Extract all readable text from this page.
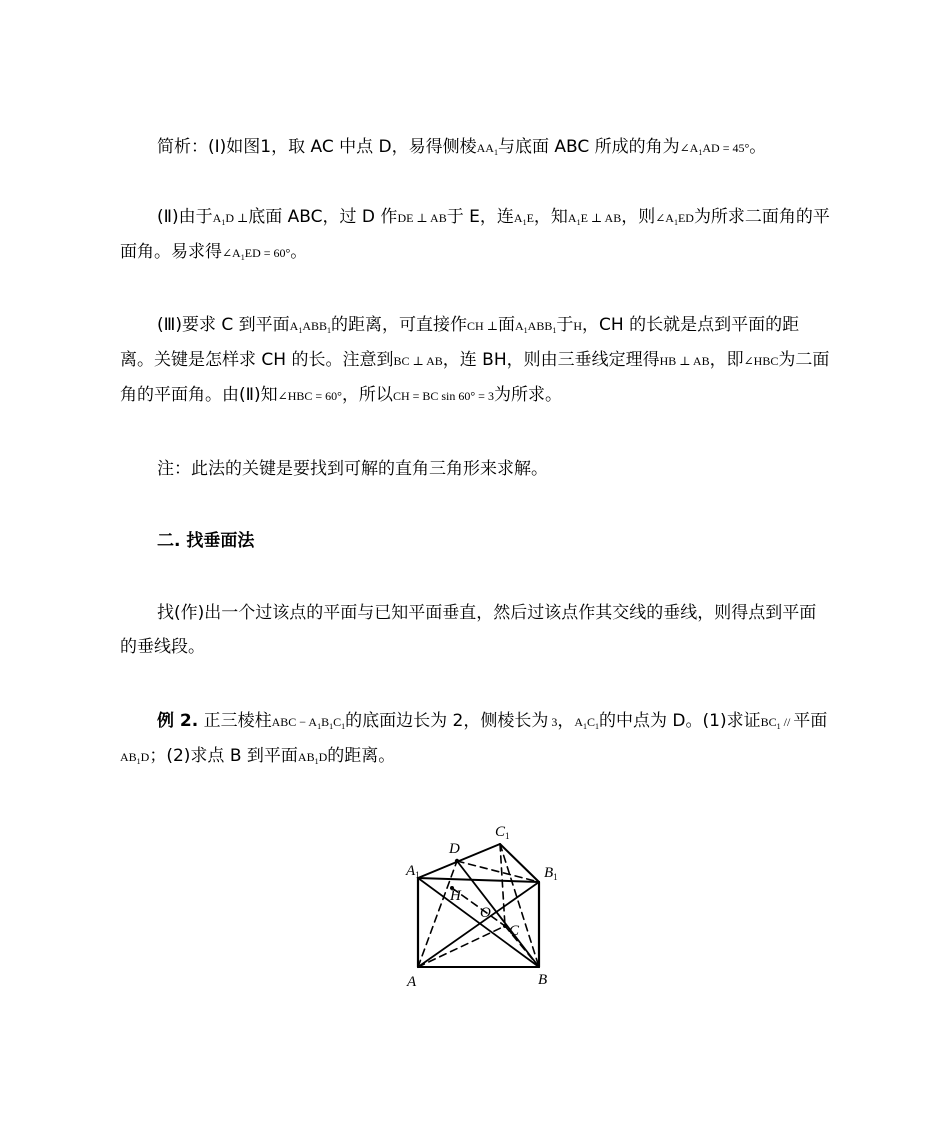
简析：(Ⅰ)如图1，取 AC 中点 D，易得侧棱$AA_1$与底面 ABC 所成的角为$\angle A_1AD = 45^\circ$。
(Ⅱ)由于$A_1D$ ⊥底面 ABC，过 D 作DE ⊥ AB于 E，连$A_1E$，知$A_1E$ ⊥ AB，则$\angle A_1ED$为所求二面角的平面角。易求得$\angle A_1ED = 60^\circ$。
(Ⅲ)要求 C 到平面$A_1ABB_1$的距离，可直接作CH ⊥面$A_1ABB_1$于H，CH 的长就是点到平面的距离。关键是怎样求 CH 的长。注意到BC ⊥ AB，连 BH，则由三垂线定理得HB ⊥ AB，即∠HBC为二面角的平面角。由(Ⅱ)知∠HBC = 60°，所以CH = BC sin 60° = 3为所求。
注：此法的关键是要找到可解的直角三角形来求解。
二. 找垂面法
找(作)出一个过该点的平面与已知平面垂直，然后过该点作其交线的垂线，则得点到平面的垂线段。
例 2. 正三棱柱ABC − $A_1B_1C_1$的底面边长为 2，侧棱长为 3，$A_1C_1$的中点为 D。(1)求证$BC_1$ // 平面$AB_1D$；(2)求点 B 到平面$AB_1D$的距离。
$A_1$
D
$C_1$
$B_1$
H
O
C
A	B
